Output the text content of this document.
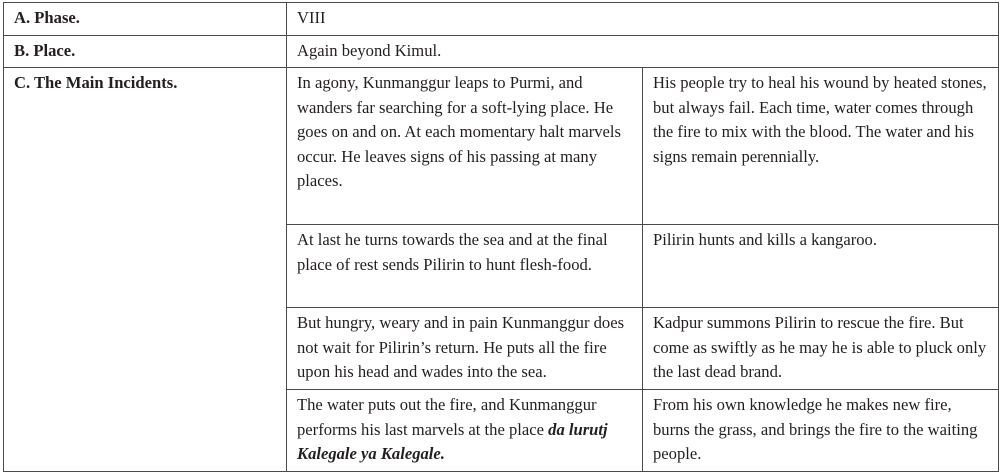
A. Phase.	VIII	
B. Place.	Again beyond Kimul.	
C. The Main Incidents.	In agony, Kunmanggur leaps to Purmi, and wanders far searching for a soft-lying place. He goes on and on. At each momentary halt marvels occur. He leaves signs of his passing at many places.	His people try to heal his wound by heated stones, but always fail. Each time, water comes through the fire to mix with the blood. The water and his signs remain perennially.
	At last he turns towards the sea and at the final place of rest sends Pilirin to hunt flesh-food.	Pilirin hunts and kills a kangaroo.
	But hungry, weary and in pain Kunmanggur does not wait for Pilirin’s return. He puts all the fire upon his head and wades into the sea.	Kadpur summons Pilirin to rescue the fire. But come as swiftly as he may he is able to pluck only the last dead brand.
	The water puts out the fire, and Kunmanggur performs his last marvels at the place da lurutj Kalegale ya Kalegale.	From his own knowledge he makes new fire, burns the grass, and brings the fire to the waiting people.
